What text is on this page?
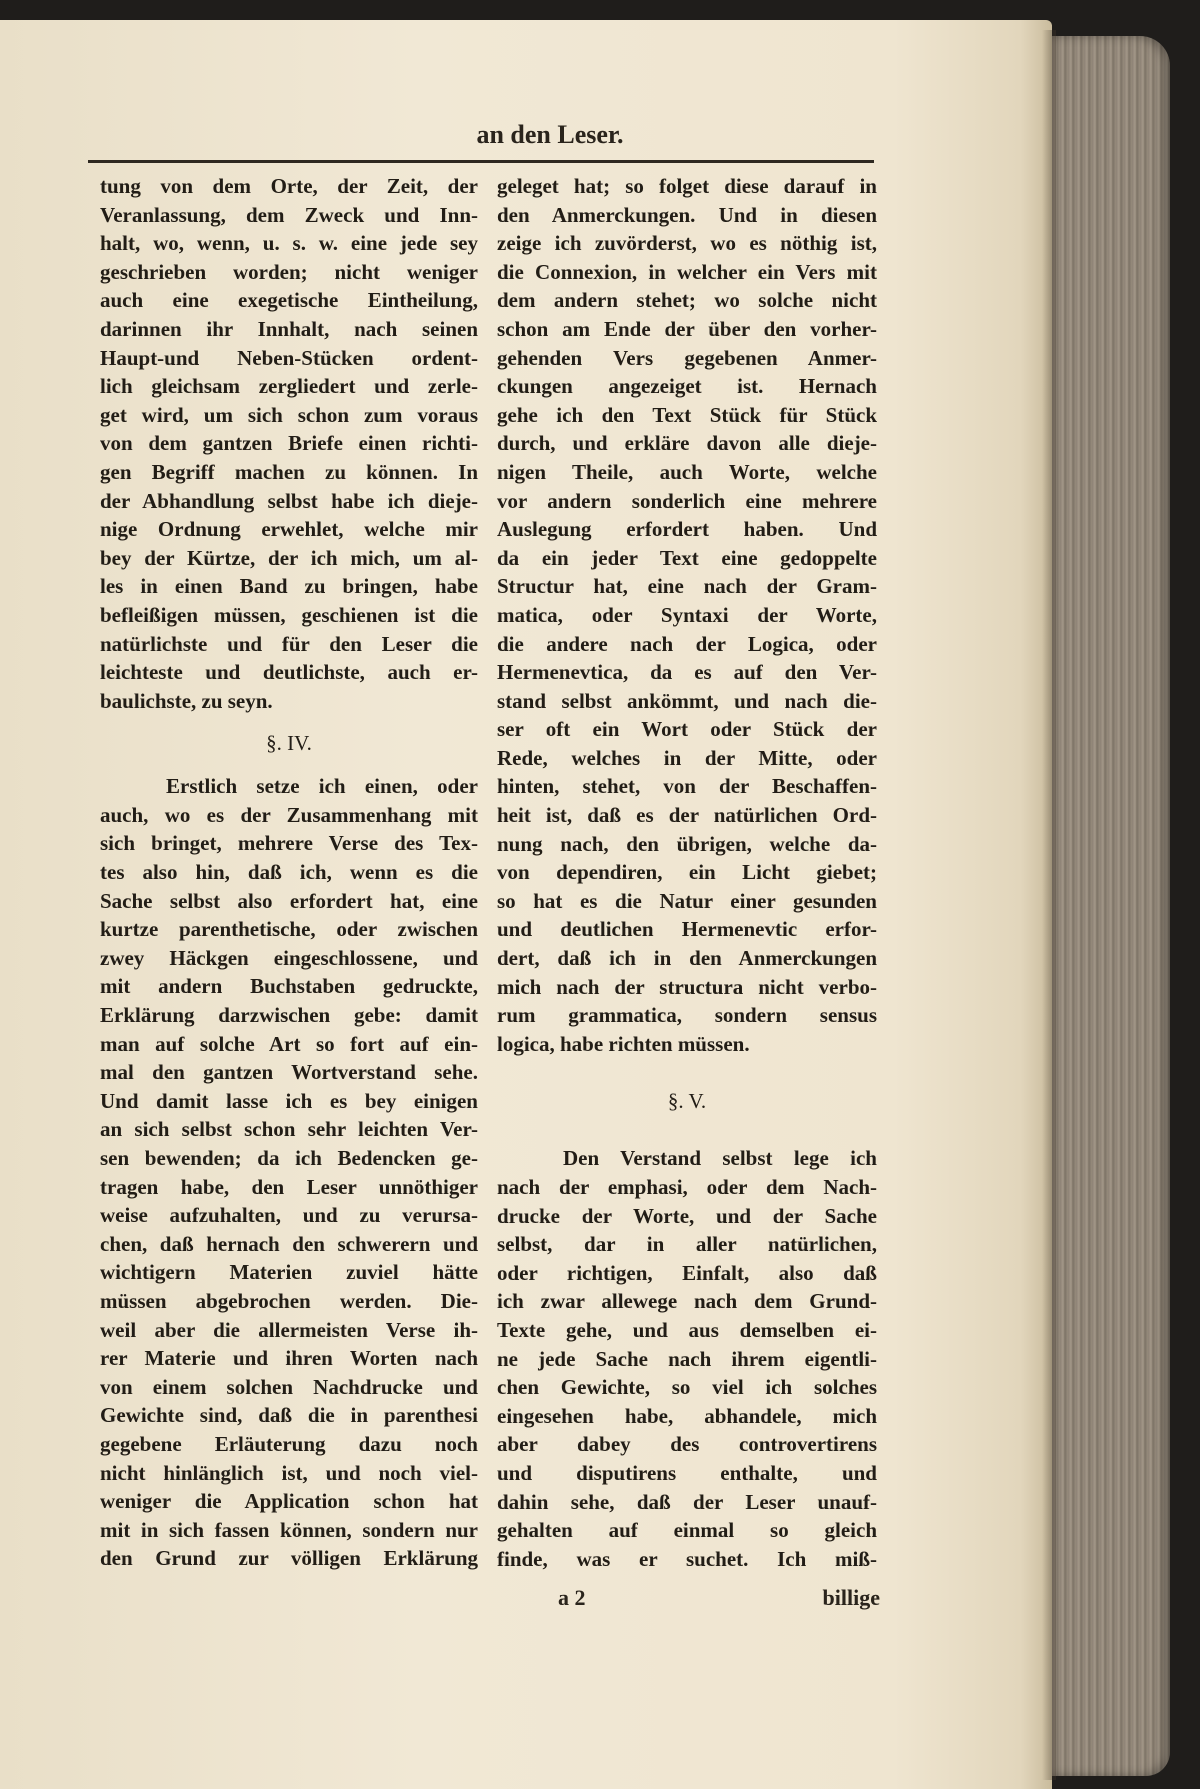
an den Leser.
tung von dem Orte, der Zeit, der
Veranlassung, dem Zweck und Inn-
halt, wo, wenn, u. s. w. eine jede sey
geschrieben worden; nicht weniger
auch eine exegetische Eintheilung,
darinnen ihr Innhalt, nach seinen
Haupt-und Neben-Stücken ordent-
lich gleichsam zergliedert und zerle-
get wird, um sich schon zum voraus
von dem gantzen Briefe einen richti-
gen Begriff machen zu können. In
der Abhandlung selbst habe ich dieje-
nige Ordnung erwehlet, welche mir
bey der Kürtze, der ich mich, um al-
les in einen Band zu bringen, habe
befleißigen müssen, geschienen ist die
natürlichste und für den Leser die
leichteste und deutlichste, auch er-
baulichste, zu seyn.
§. IV.
Erstlich setze ich einen, oder
auch, wo es der Zusammenhang mit
sich bringet, mehrere Verse des Tex-
tes also hin, daß ich, wenn es die
Sache selbst also erfordert hat, eine
kurtze parenthetische, oder zwischen
zwey Häckgen eingeschlossene, und
mit andern Buchstaben gedruckte,
Erklärung darzwischen gebe: damit
man auf solche Art so fort auf ein-
mal den gantzen Wortverstand sehe.
Und damit lasse ich es bey einigen
an sich selbst schon sehr leichten Ver-
sen bewenden; da ich Bedencken ge-
tragen habe, den Leser unnöthiger
weise aufzuhalten, und zu verursa-
chen, daß hernach den schwerern und
wichtigern Materien zuviel hätte
müssen abgebrochen werden. Die-
weil aber die allermeisten Verse ih-
rer Materie und ihren Worten nach
von einem solchen Nachdrucke und
Gewichte sind, daß die in parenthesi
gegebene Erläuterung dazu noch
nicht hinlänglich ist, und noch viel-
weniger die Application schon hat
mit in sich fassen können, sondern nur
den Grund zur völligen Erklärung
geleget hat; so folget diese darauf in
den Anmerckungen. Und in diesen
zeige ich zuvörderst, wo es nöthig ist,
die Connexion, in welcher ein Vers mit
dem andern stehet; wo solche nicht
schon am Ende der über den vorher-
gehenden Vers gegebenen Anmer-
ckungen angezeiget ist. Hernach
gehe ich den Text Stück für Stück
durch, und erkläre davon alle dieje-
nigen Theile, auch Worte, welche
vor andern sonderlich eine mehrere
Auslegung erfordert haben. Und
da ein jeder Text eine gedoppelte
Structur hat, eine nach der Gram-
matica, oder Syntaxi der Worte,
die andere nach der Logica, oder
Hermenevtica, da es auf den Ver-
stand selbst ankömmt, und nach die-
ser oft ein Wort oder Stück der
Rede, welches in der Mitte, oder
hinten, stehet, von der Beschaffen-
heit ist, daß es der natürlichen Ord-
nung nach, den übrigen, welche da-
von dependiren, ein Licht giebet;
so hat es die Natur einer gesunden
und deutlichen Hermenevtic erfor-
dert, daß ich in den Anmerckungen
mich nach der structura nicht verbo-
rum grammatica, sondern sensus
logica, habe richten müssen.
§. V.
Den Verstand selbst lege ich
nach der emphasi, oder dem Nach-
drucke der Worte, und der Sache
selbst, dar in aller natürlichen,
oder richtigen, Einfalt, also daß
ich zwar allewege nach dem Grund-
Texte gehe, und aus demselben ei-
ne jede Sache nach ihrem eigentli-
chen Gewichte, so viel ich solches
eingesehen habe, abhandele, mich
aber dabey des controvertirens
und disputirens enthalte, und
dahin sehe, daß der Leser unauf-
gehalten auf einmal so gleich
finde, was er suchet. Ich miß-
a 2	billige
